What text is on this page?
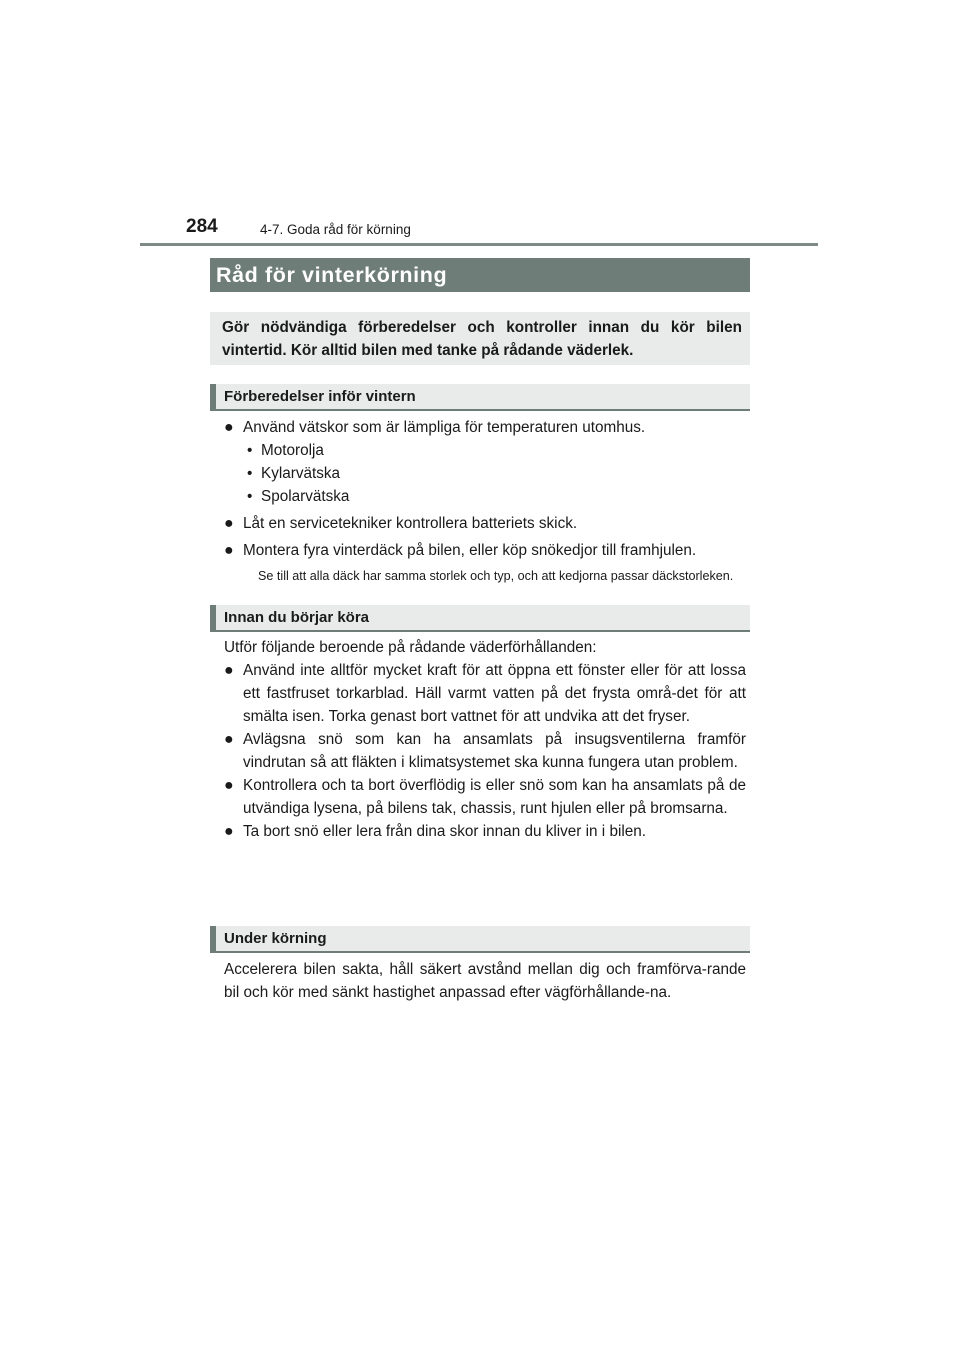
284	4-7. Goda råd för körning
Råd för vinterkörning
Gör nödvändiga förberedelser och kontroller innan du kör bilen vintertid. Kör alltid bilen med tanke på rådande väderlek.
Förberedelser inför vintern
● Använd vätskor som är lämpliga för temperaturen utomhus.
• Motorolja
• Kylarvätska
• Spolarvätska
● Låt en servicetekniker kontrollera batteriets skick.
● Montera fyra vinterdäck på bilen, eller köp snökedjor till framhjulen.
Se till att alla däck har samma storlek och typ, och att kedjorna passar däckstorleken.
Innan du börjar köra
Utför följande beroende på rådande väderförhållanden:
● Använd inte alltför mycket kraft för att öppna ett fönster eller för att lossa ett fastfruset torkarblad. Häll varmt vatten på det frysta områ-det för att smälta isen. Torka genast bort vattnet för att undvika att det fryser.
● Avlägsna snö som kan ha ansamlats på insugsventilerna framför vindrutan så att fläkten i klimatsystemet ska kunna fungera utan problem.
● Kontrollera och ta bort överflödig is eller snö som kan ha ansamlats på de utvändiga lysena, på bilens tak, chassis, runt hjulen eller på bromsarna.
● Ta bort snö eller lera från dina skor innan du kliver in i bilen.
Under körning
Accelerera bilen sakta, håll säkert avstånd mellan dig och framförva-rande bil och kör med sänkt hastighet anpassad efter vägförhållande-na.
